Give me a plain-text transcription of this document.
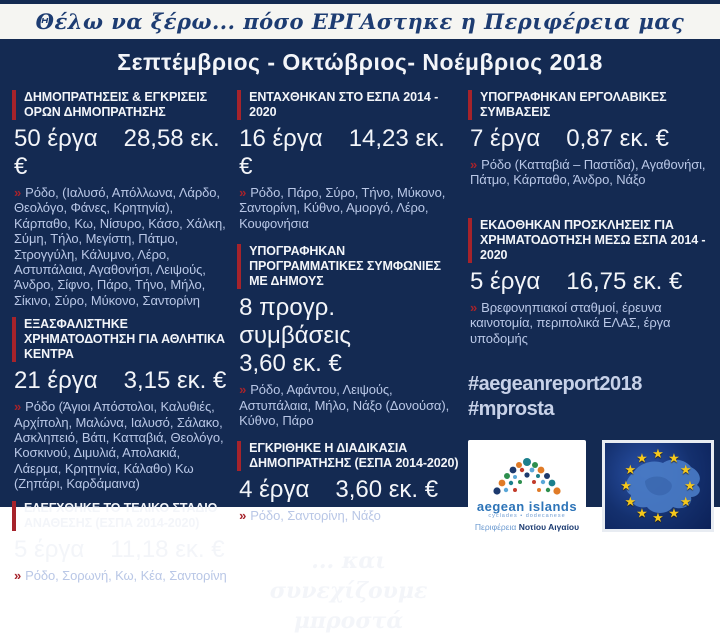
Θέλω να ξέρω... πόσο ΕΡΓΑστηκε η Περιφέρεια μας
Σεπτέμβριος - Οκτώβριος- Νοέμβριος 2018
ΔΗΜΟΠΡΑΤΗΣΕΙΣ & ΕΓΚΡΙΣΕΙΣ ΟΡΩΝ ΔΗΜΟΠΡΑΤΗΣΗΣ
50 έργα 28,58 εκ. €

» Ρόδο, (Ιαλυσό, Απόλλωνα, Λάρδο, Θεολόγο, Φάνες, Κρητηνία), Κάρπαθο, Κω, Νίσυρο, Κάσο, Χάλκη, Σύμη, Τήλο, Μεγίστη, Πάτμο, Στρογγύλη, Κάλυμνο, Λέρο, Αστυπάλαια, Αγαθονήσι, Λειψούς, Άνδρο, Σίφνο, Πάρο, Τήνο, Μήλο, Σίκινο, Σύρο, Μύκονο, Σαντορίνη

ΕΞΑΣΦΑΛΙΣΤΗΚΕ ΧΡΗΜΑΤΟΔΟΤΗΣΗ ΓΙΑ ΑΘΛΗΤΙΚΑ ΚΕΝΤΡΑ
21 έργα 3,15 εκ. €

» Ρόδο (Άγιοι Απόστολοι, Καλυθιές, Αρχίπολη, Μαλώνα, Ιαλυσό, Σάλακο, Ασκληπειό, Βάτι, Κατταβιά, Θεολόγο, Κοσκινού, Διμυλιά, Απολακιά, Λάερμα, Κρητηνία, Κάλαθο) Κω (Ζηπάρι, Καρδάμαινα)

ΕΛΕΓΧΘΗΚΕ ΤΟ ΤΕΛΙΚΟ ΣΤΑΔΙΟ ΑΝΑΘΕΣΗΣ (ΕΣΠΑ 2014-2020)
5 έργα 11,18 εκ. €

» Ρόδο, Σορωνή, Κω, Κέα, Σαντορίνη

ΕΝΤΑΧΘΗΚΑΝ ΣΤΟ ΕΣΠΑ 2014 - 2020
16 έργα 14,23 εκ. €

» Ρόδο, Πάρο, Σύρο, Τήνο, Μύκονο, Σαντορίνη, Κύθνο, Αμοργό, Λέρο, Κουφονήσια

ΥΠΟΓΡΑΦΗΚΑΝ ΠΡΟΓΡΑΜΜΑΤΙΚΕΣ ΣΥΜΦΩΝΙΕΣ ΜΕ ΔΗΜΟΥΣ
8 προγρ. συμβάσεις
3,60 εκ. €

» Ρόδο, Αφάντου, Λειψούς, Αστυπάλαια, Μήλο, Νάξο (Δονούσα), Κύθνο, Πάρο

ΕΓΚΡΙΘΗΚΕ Η ΔΙΑΔΙΚΑΣΙΑ ΔΗΜΟΠΡΑΤΗΣΗΣ (ΕΣΠΑ 2014-2020)
4 έργα 3,60 εκ. €

» Ρόδο, Σαντορίνη, Νάξο

... και συνεχίζουμε
μπροστά
ΥΠΟΓΡΑΦΗΚΑΝ ΕΡΓΟΛΑΒΙΚΕΣ ΣΥΜΒΑΣΕΙΣ
7 έργα 0,87 εκ. €

» Ρόδο (Κατταβιά – Παστίδα), Αγαθονήσι, Πάτμο, Κάρπαθο, Άνδρο, Νάξο

ΕΚΔΟΘΗΚΑΝ ΠΡΟΣΚΛΗΣΕΙΣ ΓΙΑ ΧΡΗΜΑΤΟΔΟΤΗΣΗ ΜΕΣΩ ΕΣΠΑ 2014 - 2020
5 έργα 16,75 εκ. €

» Βρεφονηπιακοί σταθμοί, έρευνα καινοτομία, περιπολικά ΕΛΑΣ, έργα υποδομής

#aegeanreport2018
#mprosta
aegean islands
cyclades • dodecanese
Περιφέρεια Νοτίου Αιγαίου
★ ★
★
★
★
★
★
★
★
★
★
★
